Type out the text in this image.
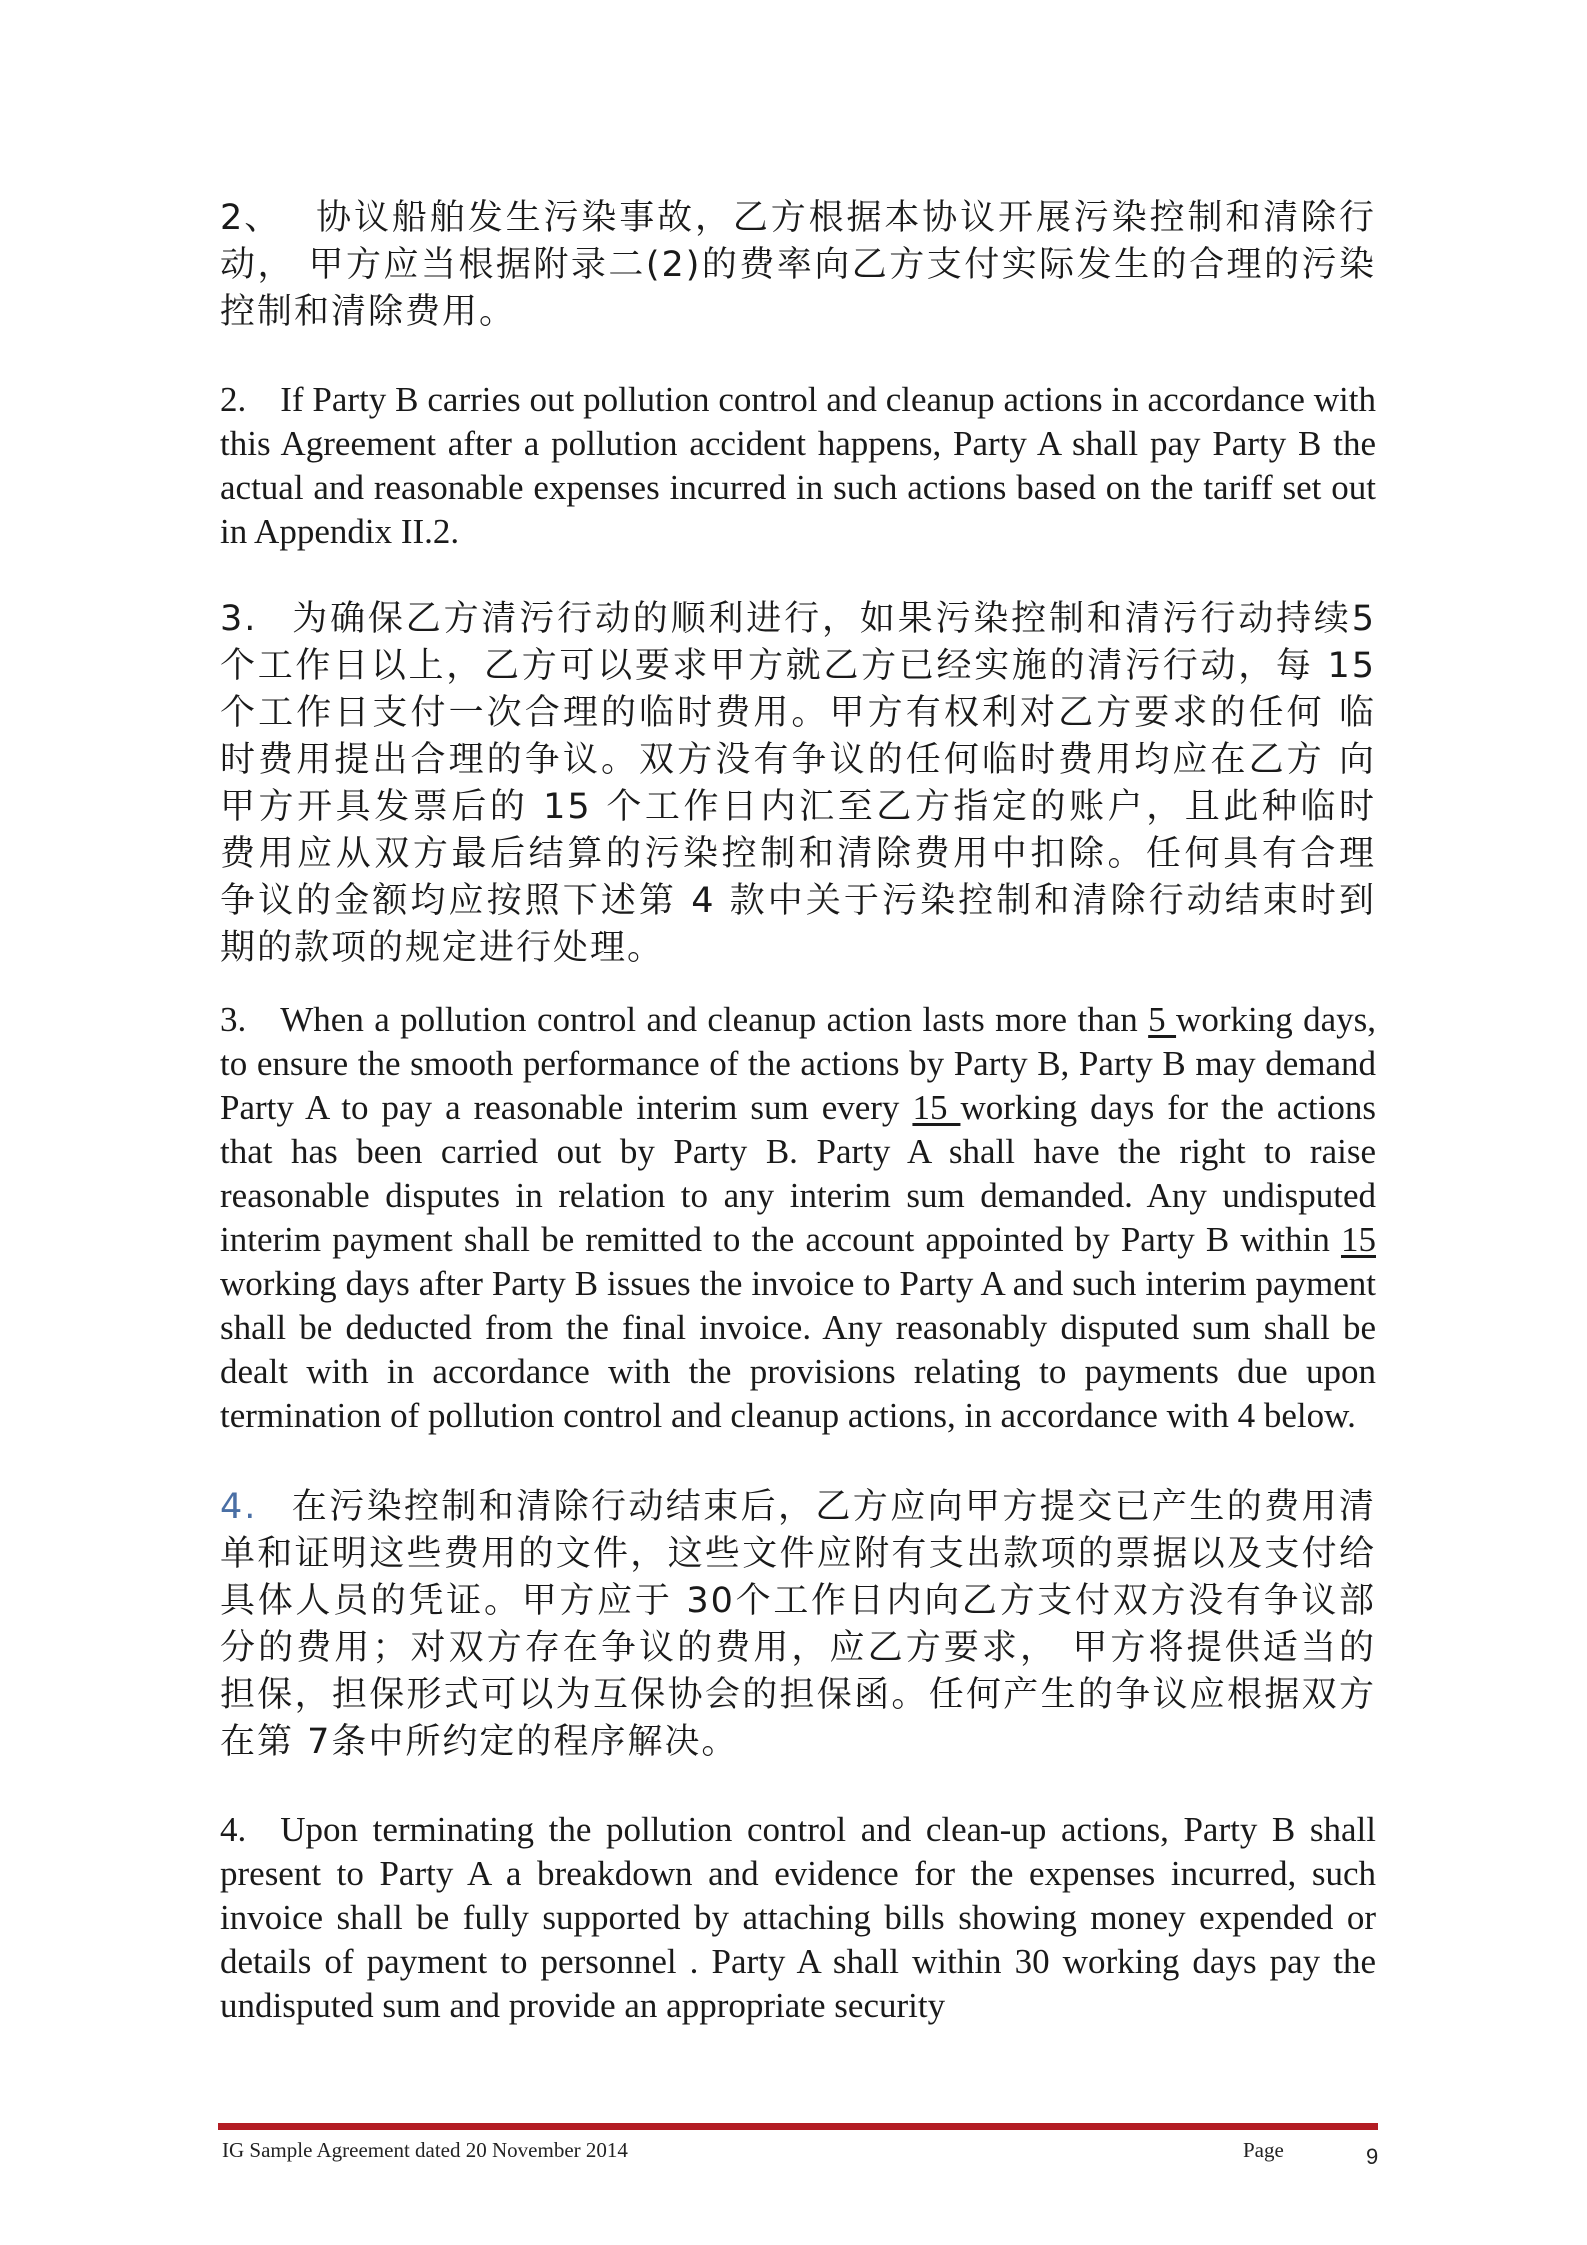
2、 协议船舶发生污染事故，乙方根据本协议开展污染控制和清除行动， 甲方应当根据附录二(2)的费率向乙方支付实际发生的合理的污染控制和清除费用。

2. If Party B carries out pollution control and cleanup actions in accordance with this Agreement after a pollution accident happens, Party A shall pay Party B the actual and reasonable expenses incurred in such actions based on the tariff set out in Appendix II.2.

3. 为确保乙方清污行动的顺利进行，如果污染控制和清污行动持续5 个工作日以上，乙方可以要求甲方就乙方已经实施的清污行动，每 15 个工作日支付一次合理的临时费用。甲方有权利对乙方要求的任何 临时费用提出合理的争议。双方没有争议的任何临时费用均应在乙方 向甲方开具发票后的 15 个工作日内汇至乙方指定的账户，且此种临时 费用应从双方最后结算的污染控制和清除费用中扣除。任何具有合理 争议的金额均应按照下述第 4 款中关于污染控制和清除行动结束时到期的款项的规定进行处理。

3. When a pollution control and cleanup action lasts more than 5 working days, to ensure the smooth performance of the actions by Party B, Party B may demand Party A to pay a reasonable interim sum every 15 working days for the actions that has been carried out by Party B. Party A shall have the right to raise reasonable disputes in relation to any interim sum demanded. Any undisputed interim payment shall be remitted to the account appointed by Party B within 15 working days after Party B issues the invoice to Party A and such interim payment shall be deducted from the final invoice. Any reasonably disputed sum shall be dealt with in accordance with the provisions relating to payments due upon termination of pollution control and cleanup actions, in accordance with 4 below.

4. 在污染控制和清除行动结束后，乙方应向甲方提交已产生的费用清单和证明这些费用的文件，这些文件应附有支出款项的票据以及支付给具体人员的凭证。甲方应于 30个工作日内向乙方支付双方没有争议部分的费用；对双方存在争议的费用，应乙方要求， 甲方将提供适当的担保，担保形式可以为互保协会的担保函。任何产生的争议应根据双方在第 7条中所约定的程序解决。

4. Upon terminating the pollution control and clean-up actions, Party B shall present to Party A a breakdown and evidence for the expenses incurred, such invoice shall be fully supported by attaching bills showing money expended or details of payment to personnel . Party A shall within 30 working days pay the undisputed sum and provide an appropriate security

IG Sample Agreement dated 20 November 2014	Page	9
